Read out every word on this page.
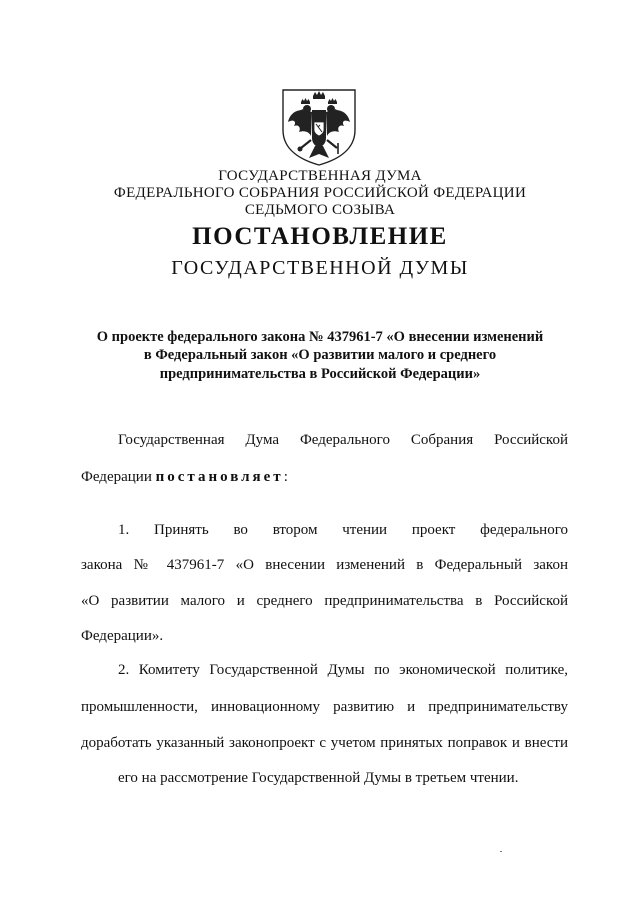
ГОСУДАРСТВЕННАЯ ДУМА
ФЕДЕРАЛЬНОГО СОБРАНИЯ РОССИЙСКОЙ ФЕДЕРАЦИИ
СЕДЬМОГО СОЗЫВА
ПОСТАНОВЛЕНИЕ
ГОСУДАРСТВЕННОЙ ДУМЫ
О проекте федерального закона № 437961-7 «О внесении изменений
в Федеральный закон «О развитии малого и среднего
предпринимательства в Российской Федерации»
Государственная Дума Федерального Собрания Российской
Федерации постановляет:
1. Принять во втором чтении проект федерального
закона № 437961-7 «О внесении изменений в Федеральный закон
«О развитии малого и среднего предпринимательства в Российской
Федерации».
2. Комитету Государственной Думы по экономической политике,
промышленности, инновационному развитию и предпринимательству
доработать указанный законопроект с учетом принятых поправок и внести
его на рассмотрение Государственной Думы в третьем чтении.
